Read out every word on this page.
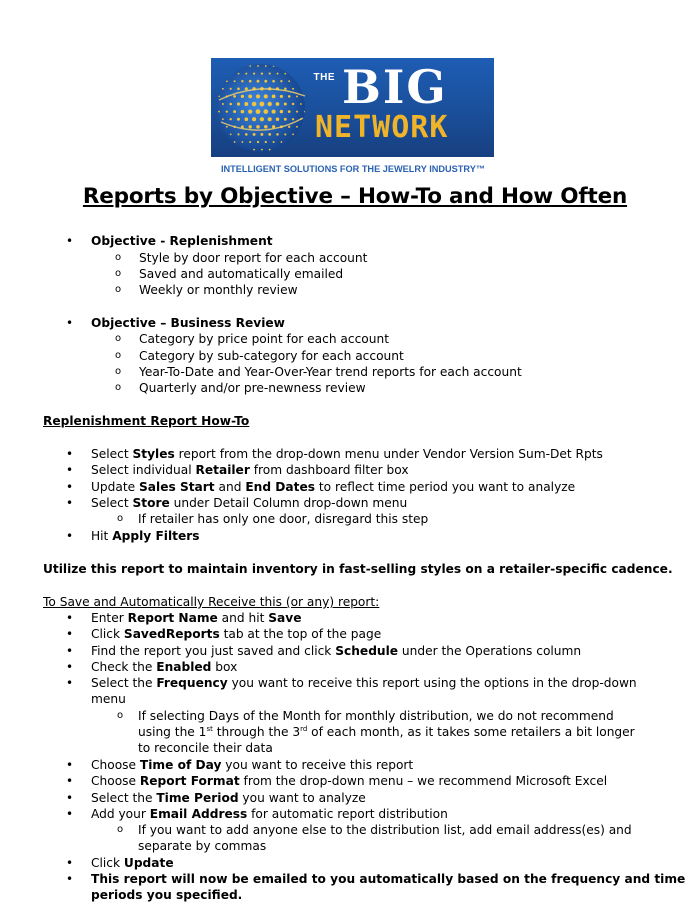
THE BIG
NETWORK
INTELLIGENT SOLUTIONS FOR THE JEWELRY INDUSTRY™
Reports by Objective – How-To and How Often
• Objective - Replenishment
o Style by door report for each account
o Saved and automatically emailed
o Weekly or monthly review
• Objective – Business Review
o Category by price point for each account
o Category by sub-category for each account
o Year-To-Date and Year-Over-Year trend reports for each account
o Quarterly and/or pre-newness review
Replenishment Report How-To
• Select Styles report from the drop-down menu under Vendor Version Sum-Det Rpts
• Select individual Retailer from dashboard filter box
• Update Sales Start and End Dates to reflect time period you want to analyze
• Select Store under Detail Column drop-down menu
o If retailer has only one door, disregard this step
• Hit Apply Filters
Utilize this report to maintain inventory in fast-selling styles on a retailer-specific cadence.
To Save and Automatically Receive this (or any) report:
• Enter Report Name and hit Save
• Click SavedReports tab at the top of the page
• Find the report you just saved and click Schedule under the Operations column
• Check the Enabled box
• Select the Frequency you want to receive this report using the options in the drop-down
menu
o If selecting Days of the Month for monthly distribution, we do not recommend
using the 1st through the 3rd of each month, as it takes some retailers a bit longer
to reconcile their data
• Choose Time of Day you want to receive this report
• Choose Report Format from the drop-down menu – we recommend Microsoft Excel
• Select the Time Period you want to analyze
• Add your Email Address for automatic report distribution
o If you want to add anyone else to the distribution list, add email address(es) and
separate by commas
• Click Update
• This report will now be emailed to you automatically based on the frequency and time
periods you specified.
